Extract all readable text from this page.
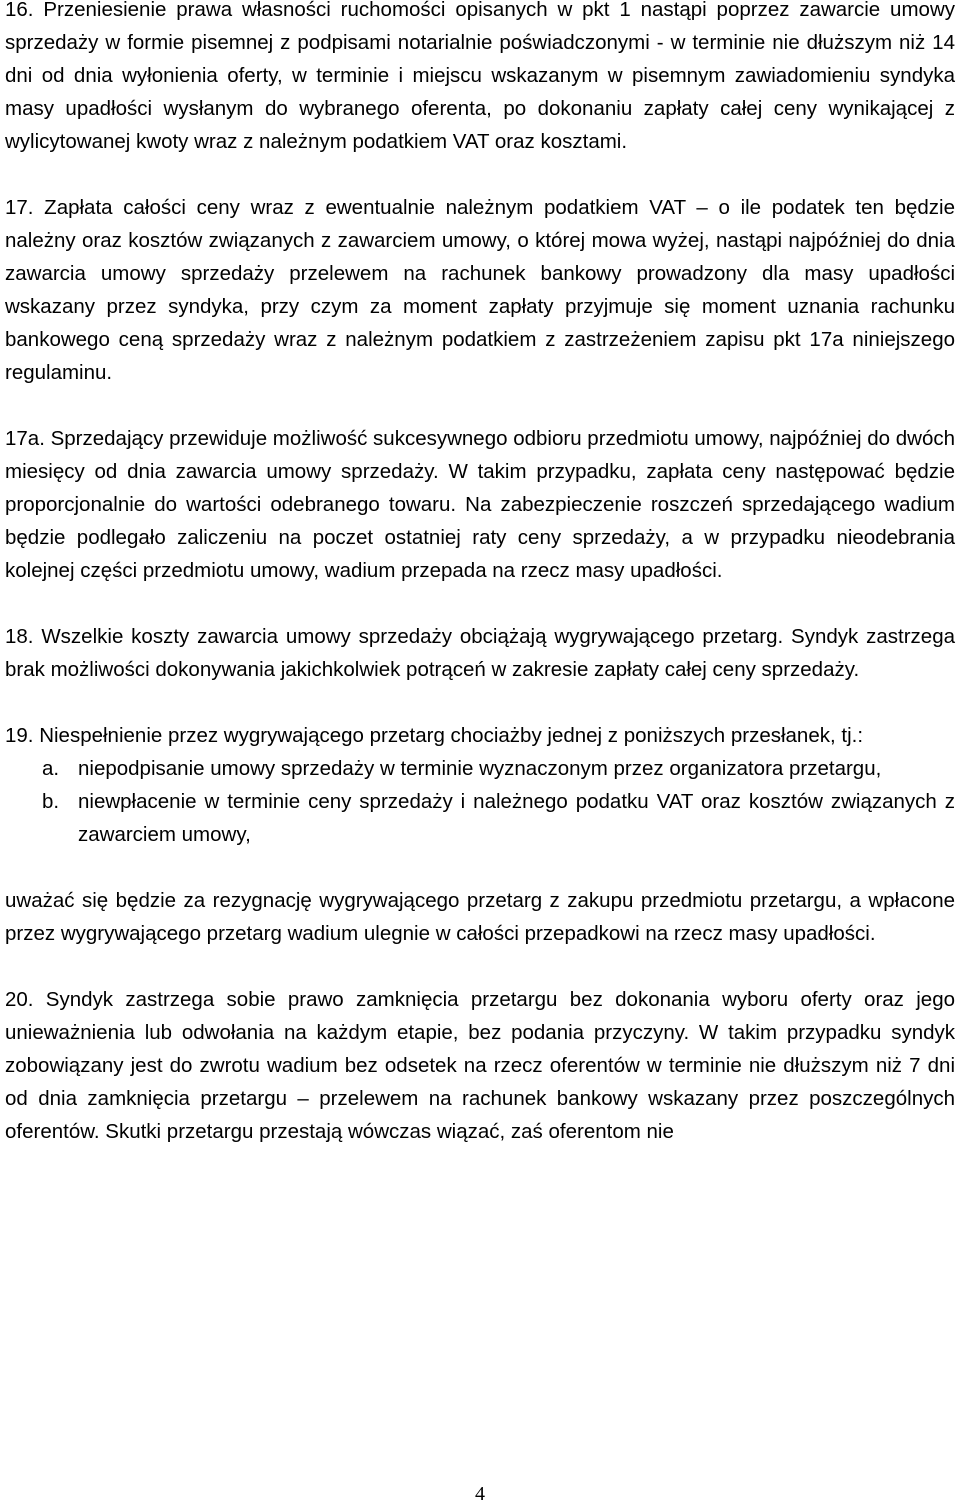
16. Przeniesienie prawa własności ruchomości opisanych w pkt 1 nastąpi poprzez zawarcie umowy sprzedaży w formie pisemnej z podpisami notarialnie poświadczonymi - w terminie nie dłuższym niż 14 dni od dnia wyłonienia oferty, w terminie i miejscu wskazanym w pisemnym zawiadomieniu syndyka masy upadłości wysłanym do wybranego oferenta, po dokonaniu zapłaty całej ceny wynikającej z wylicytowanej kwoty wraz z należnym podatkiem VAT oraz kosztami.

17. Zapłata całości ceny wraz z ewentualnie należnym podatkiem VAT – o ile podatek ten będzie należny oraz kosztów związanych z zawarciem umowy, o której mowa wyżej, nastąpi najpóźniej do dnia zawarcia umowy sprzedaży przelewem na rachunek bankowy prowadzony dla masy upadłości wskazany przez syndyka, przy czym za moment zapłaty przyjmuje się moment uznania rachunku bankowego ceną sprzedaży wraz z należnym podatkiem z zastrzeżeniem zapisu pkt 17a niniejszego regulaminu.

17a. Sprzedający przewiduje możliwość sukcesywnego odbioru przedmiotu umowy, najpóźniej do dwóch miesięcy od dnia zawarcia umowy sprzedaży. W takim przypadku, zapłata ceny następować będzie proporcjonalnie do wartości odebranego towaru. Na zabezpieczenie roszczeń sprzedającego wadium będzie podlegało zaliczeniu na poczet ostatniej raty ceny sprzedaży, a w przypadku nieodebrania kolejnej części przedmiotu umowy, wadium przepada na rzecz masy upadłości.

18. Wszelkie koszty zawarcia umowy sprzedaży obciążają wygrywającego przetarg. Syndyk zastrzega brak możliwości dokonywania jakichkolwiek potrąceń w zakresie zapłaty całej ceny sprzedaży.

19. Niespełnienie przez wygrywającego przetarg chociażby jednej z poniższych przesłanek, tj.:

a. niepodpisanie umowy sprzedaży w terminie wyznaczonym przez organizatora przetargu,
b. niewpłacenie w terminie ceny sprzedaży i należnego podatku VAT oraz kosztów związanych z zawarciem umowy,

uważać się będzie za rezygnację wygrywającego przetarg z zakupu przedmiotu przetargu, a wpłacone przez wygrywającego przetarg wadium ulegnie w całości przepadkowi na rzecz masy upadłości.

20. Syndyk zastrzega sobie prawo zamknięcia przetargu bez dokonania wyboru oferty oraz jego unieważnienia lub odwołania na każdym etapie, bez podania przyczyny. W takim przypadku syndyk zobowiązany jest do zwrotu wadium bez odsetek na rzecz oferentów w terminie nie dłuższym niż 7 dni od dnia zamknięcia przetargu – przelewem na rachunek bankowy wskazany przez poszczególnych oferentów. Skutki przetargu przestają wówczas wiązać, zaś oferentom nie

4
